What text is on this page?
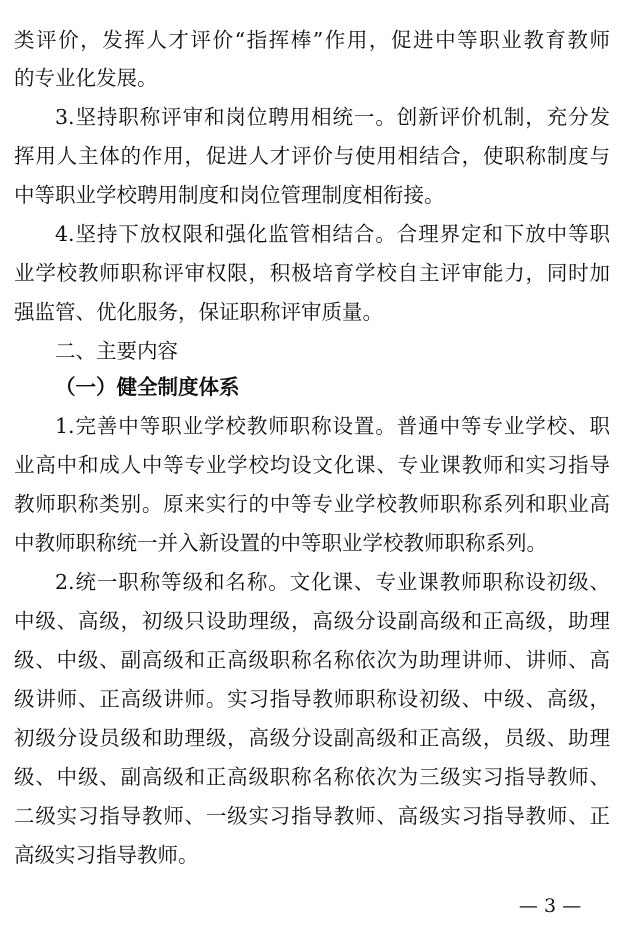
类评价，发挥人才评价“指挥棒”作用，促进中等职业教育教师
的专业化发展。
3.坚持职称评审和岗位聘用相统一。创新评价机制，充分发
挥用人主体的作用，促进人才评价与使用相结合，使职称制度与
中等职业学校聘用制度和岗位管理制度相衔接。
4.坚持下放权限和强化监管相结合。合理界定和下放中等职
业学校教师职称评审权限，积极培育学校自主评审能力，同时加
强监管、优化服务，保证职称评审质量。
二、主要内容
（一）健全制度体系
1.完善中等职业学校教师职称设置。普通中等专业学校、职
业高中和成人中等专业学校均设文化课、专业课教师和实习指导
教师职称类别。原来实行的中等专业学校教师职称系列和职业高
中教师职称统一并入新设置的中等职业学校教师职称系列。
2.统一职称等级和名称。文化课、专业课教师职称设初级、
中级、高级，初级只设助理级，高级分设副高级和正高级，助理
级、中级、副高级和正高级职称名称依次为助理讲师、讲师、高
级讲师、正高级讲师。实习指导教师职称设初级、中级、高级，
初级分设员级和助理级，高级分设副高级和正高级，员级、助理
级、中级、副高级和正高级职称名称依次为三级实习指导教师、
二级实习指导教师、一级实习指导教师、高级实习指导教师、正
高级实习指导教师。
— 3 —
